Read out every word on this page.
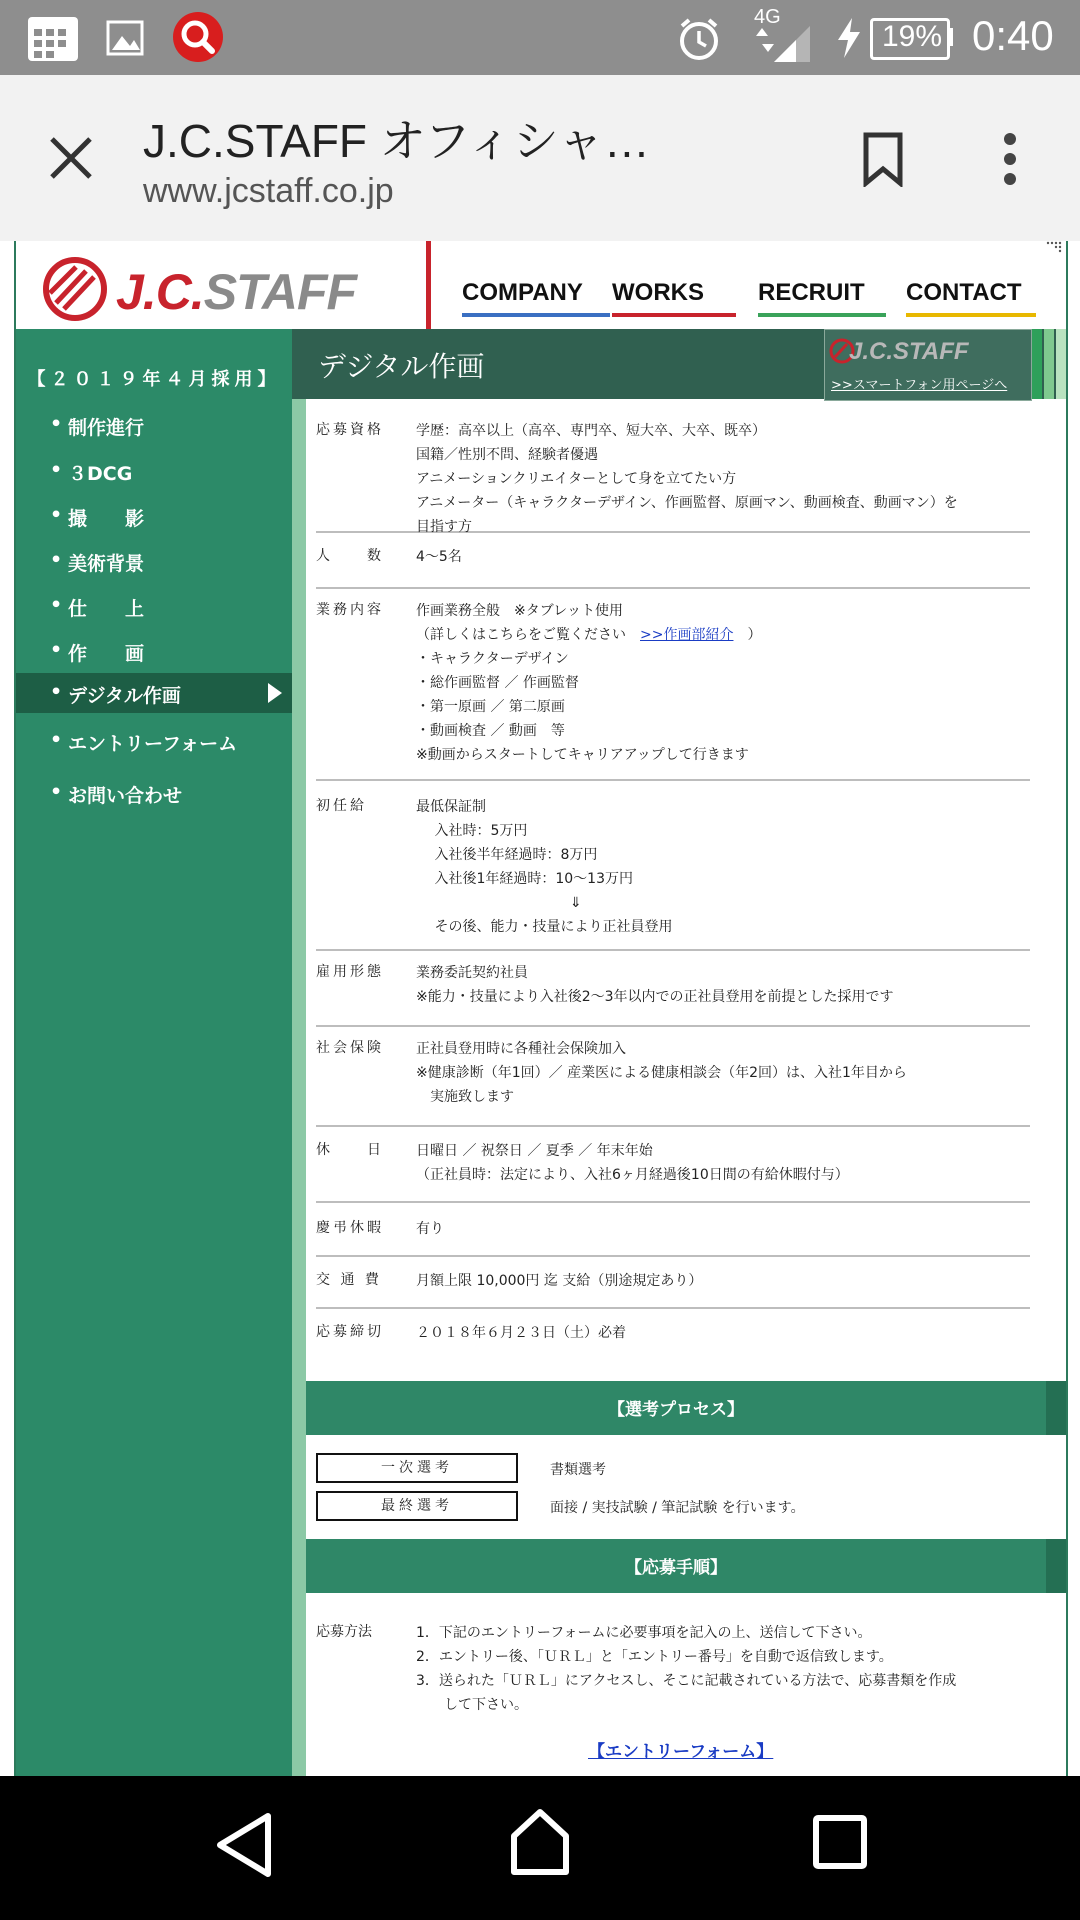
4G
19% 0:40
J.C.STAFF オフィシャ…
www.jcstaff.co.jp
J.C.STAFF	COMPANY	WORKS	RECRUIT	CONTACT
【２０１９年４月採用】
• 制作進行
• ３DCG
• 撮　　影
• 美術背景
• 仕　　上
• 作　　画
• デジタル作画
• エントリーフォーム
• お問い合わせ
デジタル作画	J.C.STAFF
>>スマートフォン用ページへ
応募資格 学歴：高卒以上（高卒、専門卒、短大卒、大卒、既卒）
国籍／性別不問、経験者優遇
アニメーションクリエイターとして身を立てたい方
アニメーター（キャラクターデザイン、作画監督、原画マン、動画検査、動画マン）を
目指す方
人　　数 4～5名
業務内容 作画業務全般　※タブレット使用
（詳しくはこちらをご覧ください　>>作画部紹介　）
・キャラクターデザイン
・総作画監督 ／ 作画監督
・第一原画 ／ 第二原画
・動画検査 ／ 動画　等
※動画からスタートしてキャリアアップして行きます
初任給	最低保証制
　 入社時：5万円
　 入社後半年経過時：8万円
　 入社後1年経過時：10～13万円
　　　　　　　　　　　⇓
　 その後、能力・技量により正社員登用
雇用形態 業務委託契約社員
※能力・技量により入社後2～3年以内での正社員登用を前提とした採用です
社会保険 正社員登用時に各種社会保険加入
※健康診断（年1回）／ 産業医による健康相談会（年2回）は、入社1年目から
　実施致します
休　　日 日曜日 ／ 祝祭日 ／ 夏季 ／ 年末年始
（正社員時：法定により、入社6ヶ月経過後10日間の有給休暇付与）
慶弔休暇 有り
交 通 費 月額上限 10,000円 迄 支給（別途規定あり）
応募締切 ２０１８年６月２３日（土）必着
【選考プロセス】
一次選考	書類選考
最終選考	面接 / 実技試験 / 筆記試験 を行います。
【応募手順】
応募方法	1．下記のエントリーフォームに必要事項を記入の上、送信して下さい。
2．エントリー後、「ＵＲＬ」と「エントリー番号」を自動で返信致します。
3．送られた「ＵＲＬ」にアクセスし、そこに記載されている方法で、応募書類を作成
　　して下さい。
【エントリーフォーム】
